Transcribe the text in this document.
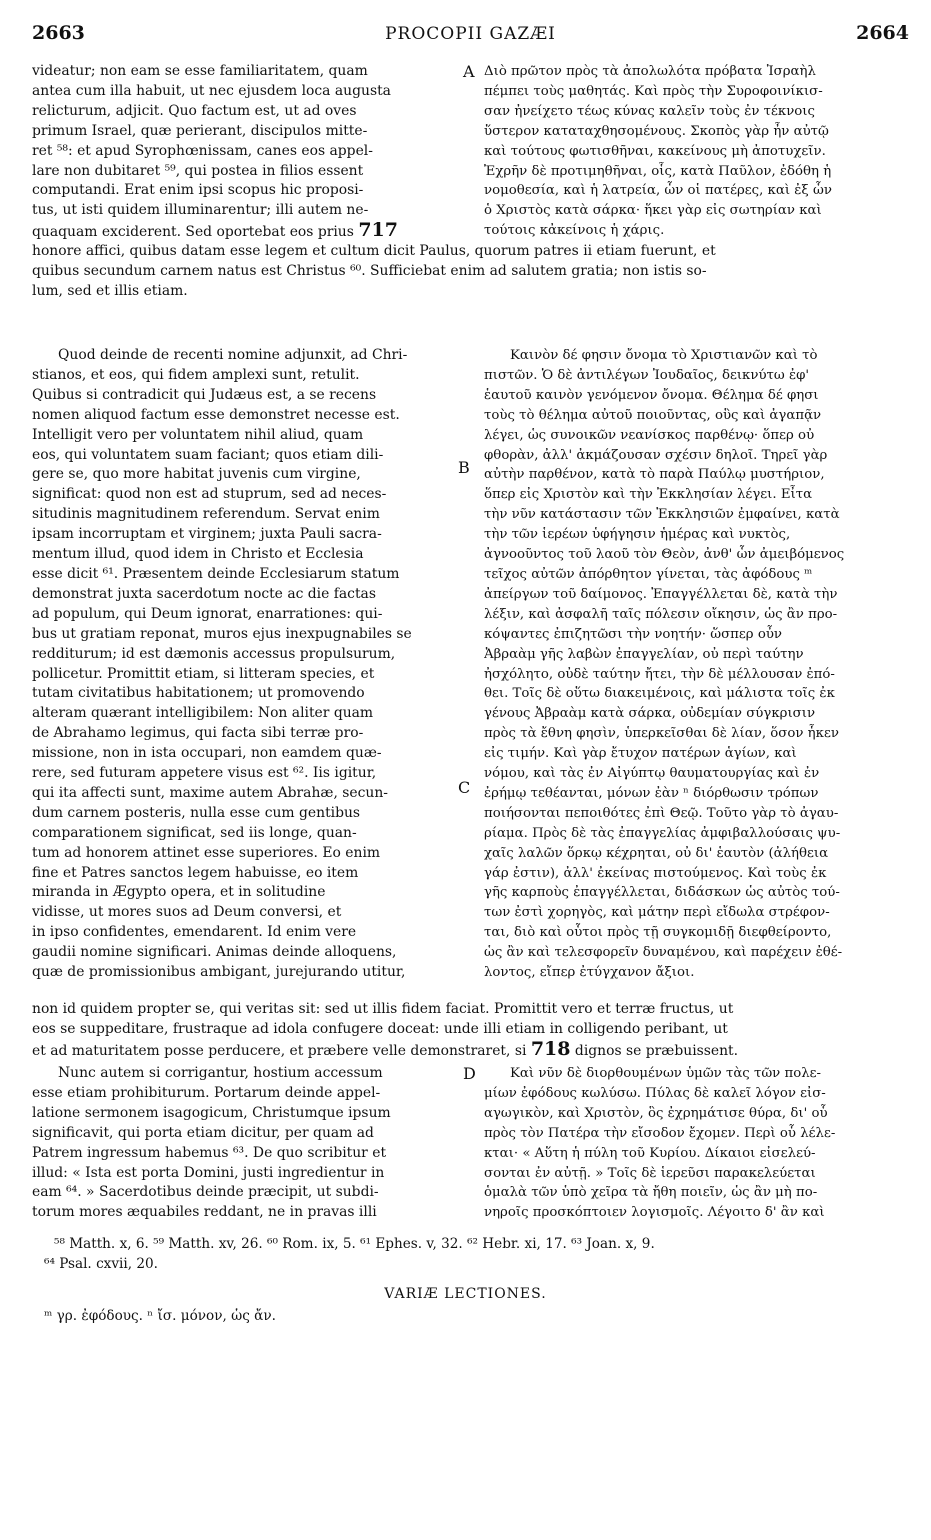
2663	PROCOPII GAZÆI	2664
videatur; non eam se esse familiaritatem, quam
antea cum illa habuit, ut nec ejusdem loca augusta
relicturum, adjicit. Quo factum est, ut ad oves
primum Israel, quæ perierant, discipulos mitte-
ret ⁵⁸: et apud Syrophœnissam, canes eos appel-
lare non dubitaret ⁵⁹, qui postea in filios essent
computandi. Erat enim ipsi scopus hic proposi-
tus, ut isti quidem illuminarentur; illi autem ne-
quaquam exciderent. Sed oportebat eos prius 717
A Διὸ πρῶτον πρὸς τὰ ἀπολωλότα πρόβατα Ἰσραὴλ
πέμπει τοὺς μαθητάς. Καὶ πρὸς τὴν Συροφοινίκισ-
σαν ἠνείχετο τέως κύνας καλεῖν τοὺς ἐν τέκνοις
ὕστερον καταταχθησομένους. Σκοπὸς γὰρ ἦν αὐτῷ
καὶ τούτους φωτισθῆναι, κακείνους μὴ ἀποτυχεῖν.
Ἐχρῆν δὲ προτιμηθῆναι, οἷς, κατὰ Παῦλον, ἐδόθη ἡ
νομοθεσία, καὶ ἡ λατρεία, ὧν οἱ πατέρες, καὶ ἐξ ὧν
ὁ Χριστὸς κατὰ σάρκα· ἥκει γὰρ εἰς σωτηρίαν καὶ
τούτοις κἀκείνοις ἡ χάρις.
honore affici, quibus datam esse legem et cultum dicit Paulus, quorum patres ii etiam fuerunt, et
quibus secundum carnem natus est Christus ⁶⁰. Sufficiebat enim ad salutem gratia; non istis so-
lum, sed et illis etiam.
Quod deinde de recenti nomine adjunxit, ad Chri-
stianos, et eos, qui fidem amplexi sunt, retulit.
Quibus si contradicit qui Judæus est, a se recens
nomen aliquod factum esse demonstret necesse est.
Intelligit vero per voluntatem nihil aliud, quam
eos, qui voluntatem suam faciant; quos etiam dili-
gere se, quo more habitat juvenis cum virgine,
significat: quod non est ad stuprum, sed ad neces-
situdinis magnitudinem referendum. Servat enim
ipsam incorruptam et virginem; juxta Pauli sacra-
mentum illud, quod idem in Christo et Ecclesia
esse dicit ⁶¹. Præsentem deinde Ecclesiarum statum
demonstrat juxta sacerdotum nocte ac die factas
ad populum, qui Deum ignorat, enarrationes: qui-
bus ut gratiam reponat, muros ejus inexpugnabiles se
redditurum; id est dæmonis accessus propulsurum,
pollicetur. Promittit etiam, si litteram species, et
tutam civitatibus habitationem; ut promovendo
alteram quærant intelligibilem: Non aliter quam
de Abrahamo legimus, qui facta sibi terræ pro-
missione, non in ista occupari, non eamdem quæ-
rere, sed futuram appetere visus est ⁶². Iis igitur,
qui ita affecti sunt, maxime autem Abrahæ, secun-
dum carnem posteris, nulla esse cum gentibus
comparationem significat, sed iis longe, quan-
tum ad honorem attinet esse superiores. Eo enim
fine et Patres sanctos legem habuisse, eo item
miranda in Ægypto opera, et in solitudine
vidisse, ut mores suos ad Deum conversi, et
in ipso confidentes, emendarent. Id enim vere
gaudii nomine significari. Animas deinde alloquens,
quæ de promissionibus ambigant, jurejurando utitur,
B
C
Καινὸν δέ φησιν ὄνομα τὸ Χριστιανῶν καὶ τὸ
πιστῶν. Ὁ δὲ ἀντιλέγων Ἰουδαῖος, δεικνύτω ἐφ'
ἑαυτοῦ καινὸν γενόμενον ὄνομα. Θέλημα δέ φησι
τοὺς τὸ θέλημα αὐτοῦ ποιοῦντας, οὓς καὶ ἀγαπᾷν
λέγει, ὡς συνοικῶν νεανίσκος παρθένῳ· ὅπερ οὐ
φθορὰν, ἀλλ' ἀκμάζουσαν σχέσιν δηλοῖ. Τηρεῖ γὰρ
αὐτὴν παρθένον, κατὰ τὸ παρὰ Παύλῳ μυστήριον,
ὅπερ εἰς Χριστὸν καὶ τὴν Ἐκκλησίαν λέγει. Εἶτα
τὴν νῦν κατάστασιν τῶν Ἐκκλησιῶν ἐμφαίνει, κατὰ
τὴν τῶν ἱερέων ὑφήγησιν ἡμέρας καὶ νυκτὸς,
ἀγνοοῦντος τοῦ λαοῦ τὸν Θεὸν, ἀνθ' ὧν ἀμειβόμενος
τεῖχος αὐτῶν ἀπόρθητον γίνεται, τὰς ἀφόδους ᵐ
ἀπείργων τοῦ δαίμονος. Ἐπαγγέλλεται δὲ, κατὰ τὴν
λέξιν, καὶ ἀσφαλῆ ταῖς πόλεσιν οἴκησιν, ὡς ἂν προ-
κόψαντες ἐπιζητῶσι τὴν νοητήν· ὥσπερ οὖν
Ἀβραὰμ γῆς λαβὼν ἐπαγγελίαν, οὐ περὶ ταύτην
ἠσχόλητο, οὐδὲ ταύτην ἤτει, τὴν δὲ μέλλουσαν ἐπό-
θει. Τοῖς δὲ οὕτω διακειμένοις, καὶ μάλιστα τοῖς ἐκ
γένους Ἀβραὰμ κατὰ σάρκα, οὐδεμίαν σύγκρισιν
πρὸς τὰ ἔθνη φησὶν, ὑπερκεῖσθαι δὲ λίαν, ὅσον ἧκεν
εἰς τιμήν. Καὶ γὰρ ἔτυχον πατέρων ἁγίων, καὶ
νόμου, καὶ τὰς ἐν Αἰγύπτῳ θαυματουργίας καὶ ἐν
ἐρήμῳ τεθέανται, μόνων ἐὰν ⁿ διόρθωσιν τρόπων
ποιήσονται πεποιθότες ἐπὶ Θεῷ. Τοῦτο γὰρ τὸ ἀγαυ-
ρίαμα. Πρὸς δὲ τὰς ἐπαγγελίας ἀμφιβαλλούσαις ψυ-
χαῖς λαλῶν ὅρκῳ κέχρηται, οὐ δι' ἑαυτὸν (ἀλήθεια
γάρ ἐστιν), ἀλλ' ἐκείνας πιστούμενος. Καὶ τοὺς ἐκ
γῆς καρποὺς ἐπαγγέλλεται, διδάσκων ὡς αὐτὸς τού-
των ἐστὶ χορηγὸς, καὶ μάτην περὶ εἴδωλα στρέφον-
ται, διὸ καὶ οὗτοι πρὸς τῇ συγκομιδῇ διεφθείροντο,
ὡς ἂν καὶ τελεσφορεῖν δυναμένου, καὶ παρέχειν ἐθέ-
λοντος, εἴπερ ἐτύγχανον ἄξιοι.
non id quidem propter se, qui veritas sit: sed ut illis fidem faciat. Promittit vero et terræ fructus, ut
eos se suppeditare, frustraque ad idola confugere doceat: unde illi etiam in colligendo peribant, ut
et ad maturitatem posse perducere, et præbere velle demonstraret, si 718 dignos se præbuissent.
Nunc autem si corrigantur, hostium accessum
esse etiam prohibiturum. Portarum deinde appel-
latione sermonem isagogicum, Christumque ipsum
significavit, qui porta etiam dicitur, per quam ad
Patrem ingressum habemus ⁶³. De quo scribitur et
illud: « Ista est porta Domini, justi ingredientur in
eam ⁶⁴. » Sacerdotibus deinde præcipit, ut subdi-
torum mores æquabiles reddant, ne in pravas illi
D	Καὶ νῦν δὲ διορθουμένων ὑμῶν τὰς τῶν πολε-
μίων ἐφόδους κωλύσω. Πύλας δὲ καλεῖ λόγον εἰσ-
αγωγικὸν, καὶ Χριστὸν, ὃς ἐχρημάτισε θύρα, δι' οὗ
πρὸς τὸν Πατέρα τὴν εἴσοδον ἔχομεν. Περὶ οὗ λέλε-
κται· « Αὕτη ἡ πύλη τοῦ Κυρίου. Δίκαιοι εἰσελεύ-
σονται ἐν αὐτῇ. » Τοῖς δὲ ἱερεῦσι παρακελεύεται
ὁμαλὰ τῶν ὑπὸ χεῖρα τὰ ἤθη ποιεῖν, ὡς ἂν μὴ πο-
νηροῖς προσκόπτοιεν λογισμοῖς. Λέγοιτο δ' ἂν καὶ
⁵⁸ Matth. x, 6. ⁵⁹ Matth. xv, 26. ⁶⁰ Rom. ix, 5. ⁶¹ Ephes. v, 32. ⁶² Hebr. xi, 17. ⁶³ Joan. x, 9.
⁶⁴ Psal. cxvii, 20.
VARIÆ LECTIONES.
ᵐ γρ. ἐφόδους. ⁿ ἴσ. μόνον, ὡς ἄν.
